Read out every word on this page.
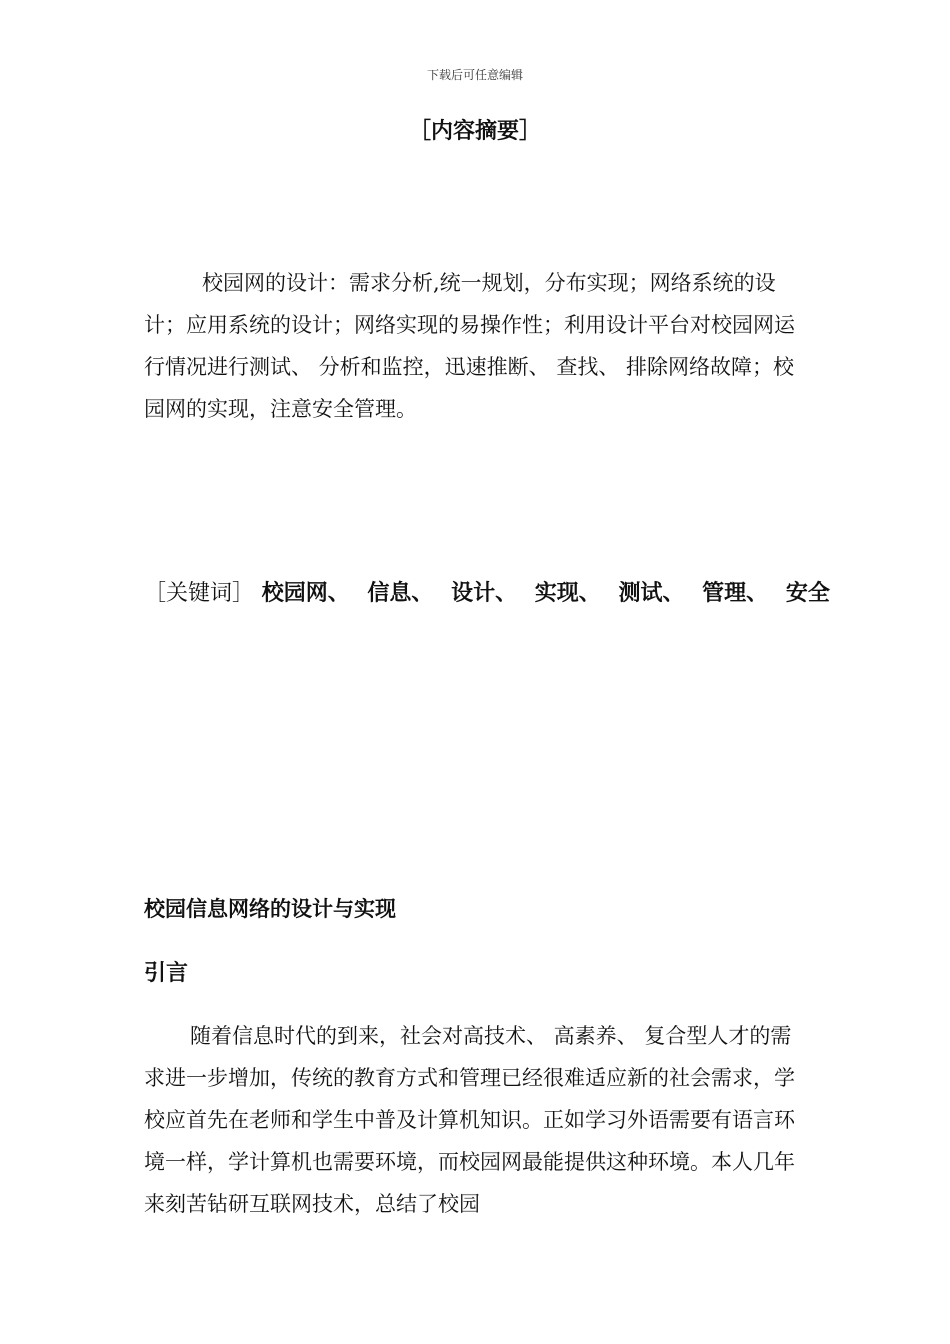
下载后可任意编辑
［内容摘要］

校园网的设计：需求分析,统一规划，分布实现；网络系统的设计；应用系统的设计；网络实现的易操作性；利用设计平台对校园网运行情况进行测试、 分析和监控，迅速推断、 查找、 排除网络故障；校园网的实现，注意安全管理。

［关键词］ 校园网、 信息、 设计、 实现、 测试、 管理、 安全
校园信息网络的设计与实现
引言

随着信息时代的到来，社会对高技术、 高素养、 复合型人才的需求进一步增加，传统的教育方式和管理已经很难适应新的社会需求，学校应首先在老师和学生中普及计算机知识。正如学习外语需要有语言环境一样，学计算机也需要环境，而校园网最能提供这种环境。本人几年来刻苦钻研互联网技术，总结了校园
